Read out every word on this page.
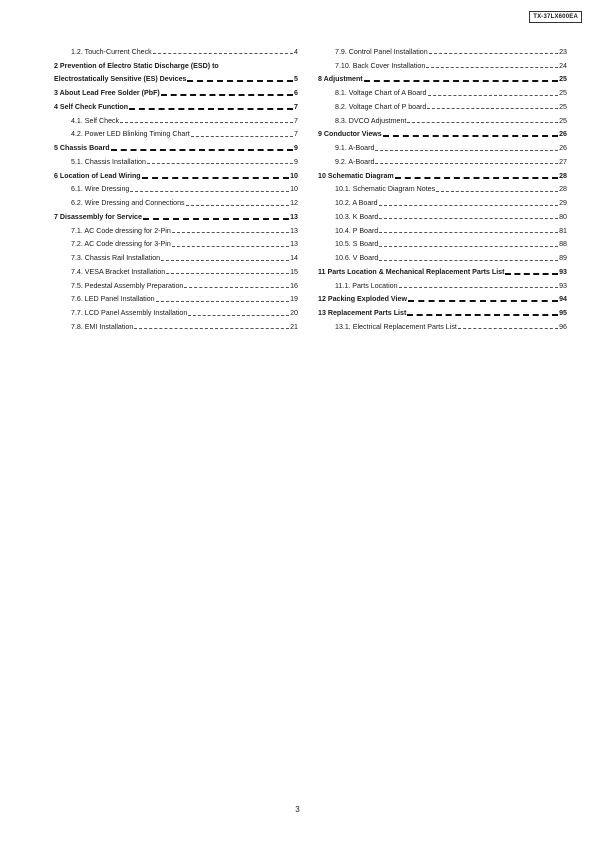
TX-37LX600EA
1.2. Touch-Current Check	4
2 Prevention of Electro Static Discharge (ESD) to
Electrostatically Sensitive (ES) Devices	5
3 About Lead Free Solder (PbF)	6
4 Self Check Function	7
4.1. Self Check	7
4.2. Power LED Blinking Timing Chart	7
5 Chassis Board	9
5.1. Chassis Installation	9
6 Location of Lead Wiring	10
6.1. Wire Dressing	10
6.2. Wire Dressing and Connections	12
7 Disassembly for Service	13
7.1. AC Code dressing for 2-Pin	13
7.2. AC Code dressing for 3-Pin	13
7.3. Chassis Rail Installation	14
7.4. VESA Bracket Installation	15
7.5. Pedestal Assembly Preparation	16
7.6. LED Panel Installation	19
7.7. LCD Panel Assembly Installation	20
7.8. EMI Installation	21
7.9. Control Panel Installation	23
7.10. Back Cover Installation	24
8 Adjustment	25
8.1. Voltage Chart of A Board	25
8.2. Voltage Chart of P board	25
8.3. DVCO Adjustment	25
9 Conductor Views	26
9.1. A-Board	26
9.2. A-Board	27
10 Schematic Diagram	28
10.1. Schematic Diagram Notes	28
10.2. A Board	29
10.3. K Board	80
10.4. P Board	81
10.5. S Board	88
10.6. V Board	89
11 Parts Location & Mechanical Replacement Parts List	93
11.1. Parts Location	93
12 Packing Exploded View	94
13 Replacement Parts List	95
13.1. Electrical Replacement Parts List	96
3
